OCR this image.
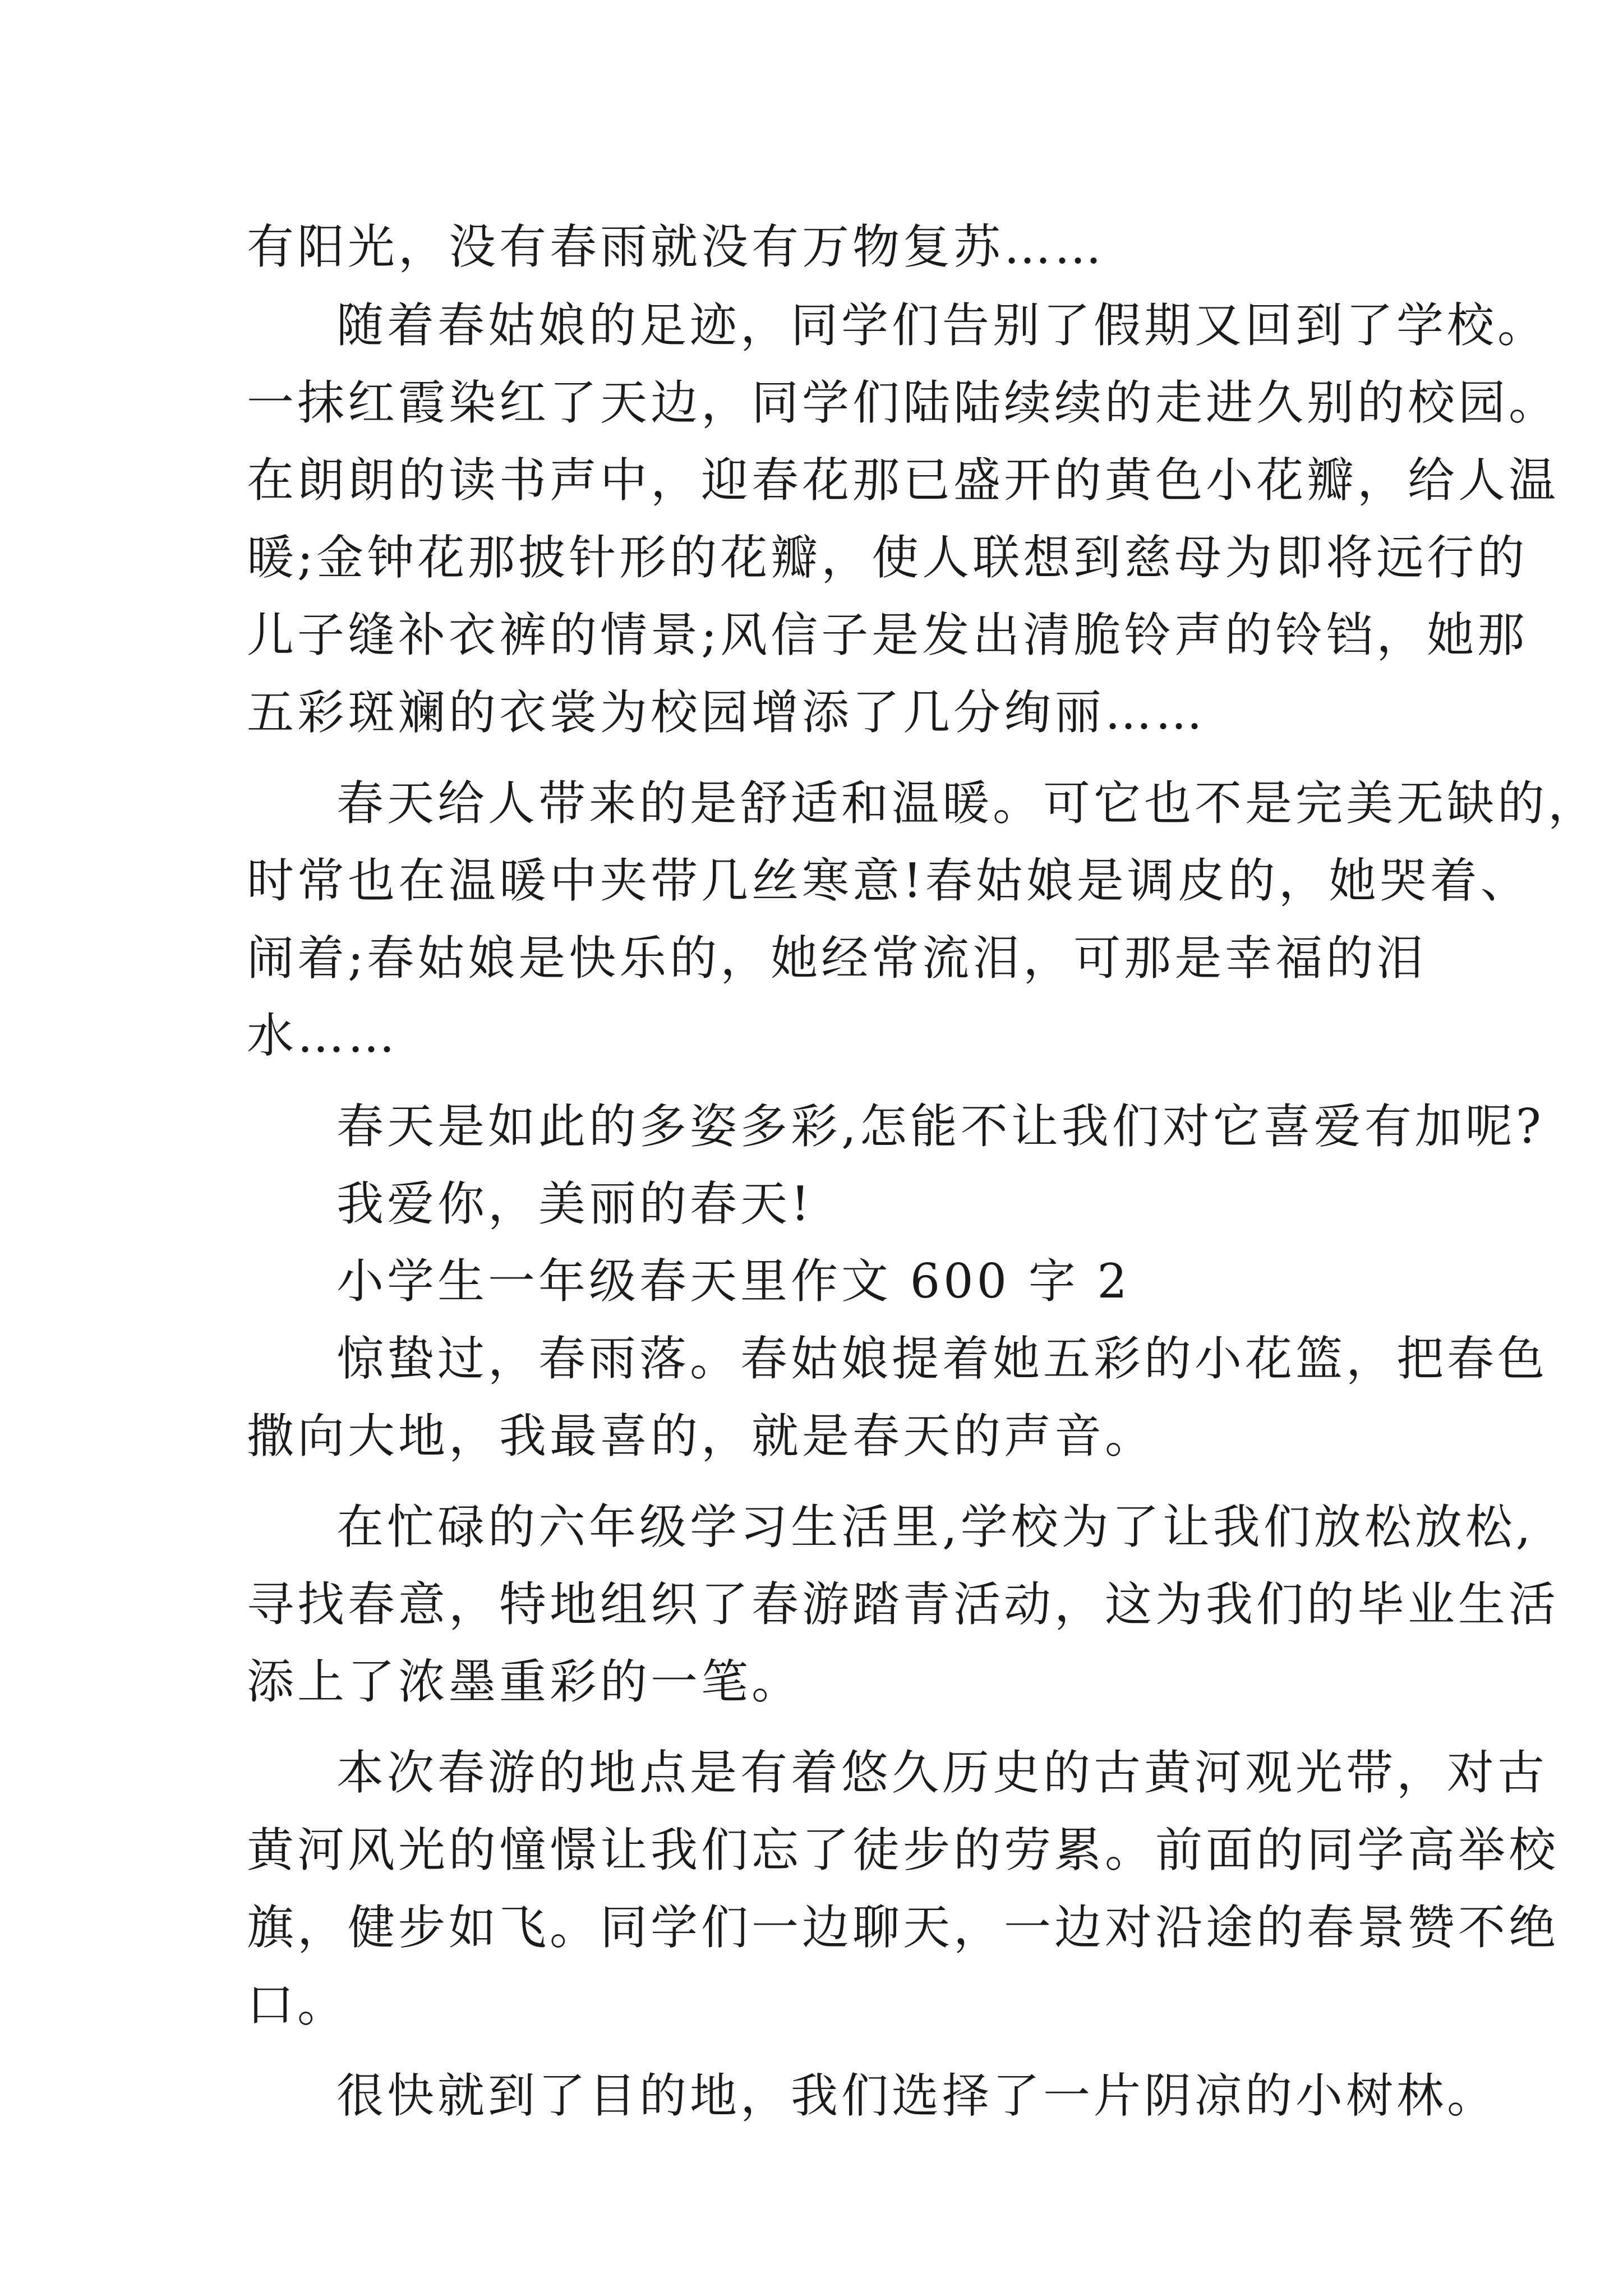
有阳光，没有春雨就没有万物复苏……
随着春姑娘的足迹，同学们告别了假期又回到了学校。
一抹红霞染红了天边，同学们陆陆续续的走进久别的校园。
在朗朗的读书声中，迎春花那已盛开的黄色小花瓣，给人温
暖;金钟花那披针形的花瓣，使人联想到慈母为即将远行的
儿子缝补衣裤的情景;风信子是发出清脆铃声的铃铛，她那
五彩斑斓的衣裳为校园增添了几分绚丽……
春天给人带来的是舒适和温暖。可它也不是完美无缺的，
时常也在温暖中夹带几丝寒意!春姑娘是调皮的，她哭着、
闹着;春姑娘是快乐的，她经常流泪，可那是幸福的泪
水……
春天是如此的多姿多彩,怎能不让我们对它喜爱有加呢?
我爱你，美丽的春天!
小学生一年级春天里作文 600 字 2
惊蛰过，春雨落。春姑娘提着她五彩的小花篮，把春色
撒向大地，我最喜的，就是春天的声音。
在忙碌的六年级学习生活里,学校为了让我们放松放松,
寻找春意，特地组织了春游踏青活动，这为我们的毕业生活
添上了浓墨重彩的一笔。
本次春游的地点是有着悠久历史的古黄河观光带，对古
黄河风光的憧憬让我们忘了徒步的劳累。前面的同学高举校
旗，健步如飞。同学们一边聊天，一边对沿途的春景赞不绝
口。
很快就到了目的地，我们选择了一片阴凉的小树林。
